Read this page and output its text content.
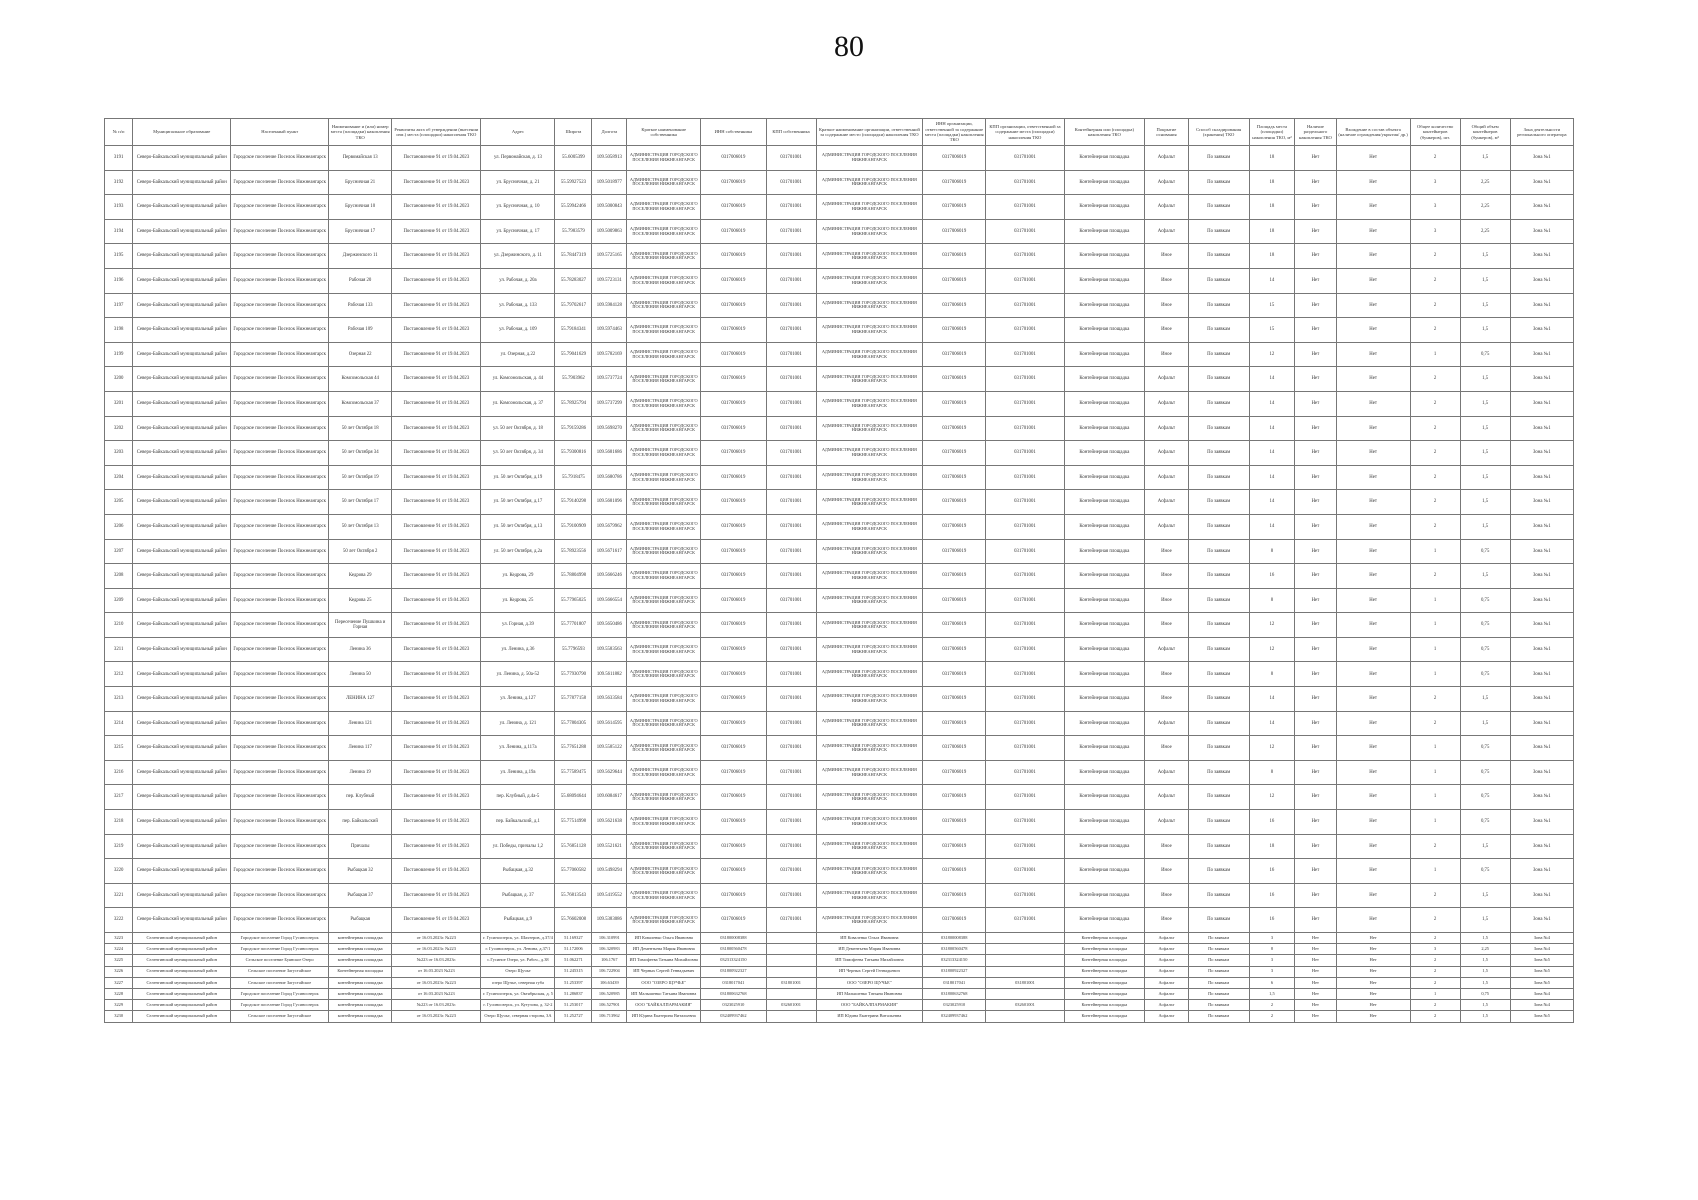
80
№ п/п	Муниципальное образование	Населенный пункт	Наименование и (или) номер места (площадки) накопления ТКО	Реквизиты акта об утверждении (внесении изм.) места (площадки) накопления ТКО	Адрес	Широта	Долгота	Краткое наименование собственника	ИНН собственника	КПП собственника	Краткое наименование организации, ответственной за содержание место (площадки) накопления ТКО	ИНН организации, ответственной за содержание места (площадки) накопления ТКО	КПП организации, ответственной за содержание места (площадки) накопления ТКО	Контейнерная или (площадка) накопления ТКО	Покрытие основания	Способ складирования (хранения) ТКО	Площадь места (площадки) накопления ТКО, м²	Наличие раздельного накопления ТКО	Вхождение в состав объекта (наличие ограждения/укрытия/ др.)	Общее количество контейнеров (бункеров), шт.	Общий объем контейнеров (бункеров), м³	Зона деятельности регионального оператора
3191	Северо-Байкальский муниципальный район	Городское поселение Поселок Нижнеангарск	Первомайская 13	Постановление 91 от 19.04.2023	ул. Первомайская, д. 13	55.6005399	109.5058913	АДМИНИСТРАЦИЯ ГОРОДСКОГО ПОСЕЛЕНИЯ НИЖНЕАНГАРСК	0317006019	031701001	АДМИНИСТРАЦИЯ ГОРОДСКОГО ПОСЕЛЕНИЯ НИЖНЕАНГАРСК	0317006019	031701001	Контейнерная площадка	Асфальт	По заявкам	18	Нет	Нет	2	1,5	Зона №1
3192	Северо-Байкальский муниципальный район	Городское поселение Поселок Нижнеангарск	Брусничная 21	Постановление 91 от 19.04.2023	ул. Брусничная, д. 21	55.59927523	109.5018977	АДМИНИСТРАЦИЯ ГОРОДСКОГО ПОСЕЛЕНИЯ НИЖНЕАНГАРСК	0317006019	031701001	АДМИНИСТРАЦИЯ ГОРОДСКОГО ПОСЕЛЕНИЯ НИЖНЕАНГАРСК	0317006019	031701001	Контейнерная площадка	Асфальт	По заявкам	18	Нет	Нет	3	2,25	Зона №1
3193	Северо-Байкальский муниципальный район	Городское поселение Поселок Нижнеангарск	Брусничная 10	Постановление 91 от 19.04.2023	ул. Брусничная, д. 10	55.59942466	109.5000843	АДМИНИСТРАЦИЯ ГОРОДСКОГО ПОСЕЛЕНИЯ НИЖНЕАНГАРСК	0317006019	031701001	АДМИНИСТРАЦИЯ ГОРОДСКОГО ПОСЕЛЕНИЯ НИЖНЕАНГАРСК	0317006019	031701001	Контейнерная площадка	Асфальт	По заявкам	18	Нет	Нет	3	2,25	Зона №1
3194	Северо-Байкальский муниципальный район	Городское поселение Поселок Нижнеангарск	Брусничная 17	Постановление 91 от 19.04.2023	ул. Брусничная, д. 17	55.7983579	109.5009863	АДМИНИСТРАЦИЯ ГОРОДСКОГО ПОСЕЛЕНИЯ НИЖНЕАНГАРСК	0317006019	031701001	АДМИНИСТРАЦИЯ ГОРОДСКОГО ПОСЕЛЕНИЯ НИЖНЕАНГАРСК	0317006019	031701001	Контейнерная площадка	Асфальт	По заявкам	18	Нет	Нет	3	2,25	Зона №1
3195	Северо-Байкальский муниципальный район	Городское поселение Поселок Нижнеангарск	Дзержинского 11	Постановление 91 от 19.04.2023	ул. Дзержинского, д. 11	55.78447319	109.5725165	АДМИНИСТРАЦИЯ ГОРОДСКОГО ПОСЕЛЕНИЯ НИЖНЕАНГАРСК	0317006019	031701001	АДМИНИСТРАЦИЯ ГОРОДСКОГО ПОСЕЛЕНИЯ НИЖНЕАНГАРСК	0317006019	031701001	Контейнерная площадка	Иное	По заявкам	18	Нет	Нет	2	1,5	Зона №1
3196	Северо-Байкальский муниципальный район	Городское поселение Поселок Нижнеангарск	Рабочая 20	Постановление 91 от 19.04.2023	ул. Рабочая, д. 20а	55.78283027	109.5723131	АДМИНИСТРАЦИЯ ГОРОДСКОГО ПОСЕЛЕНИЯ НИЖНЕАНГАРСК	0317006019	031701001	АДМИНИСТРАЦИЯ ГОРОДСКОГО ПОСЕЛЕНИЯ НИЖНЕАНГАРСК	0317006019	031701001	Контейнерная площадка	Иное	По заявкам	14	Нет	Нет	2	1,5	Зона №1
3197	Северо-Байкальский муниципальный район	Городское поселение Поселок Нижнеангарск	Рабочая 133	Постановление 91 от 19.04.2023	ул. Рабочая, д. 133	55.79702617	109.5984128	АДМИНИСТРАЦИЯ ГОРОДСКОГО ПОСЕЛЕНИЯ НИЖНЕАНГАРСК	0317006019	031701001	АДМИНИСТРАЦИЯ ГОРОДСКОГО ПОСЕЛЕНИЯ НИЖНЕАНГАРСК	0317006019	031701001	Контейнерная площадка	Иное	По заявкам	15	Нет	Нет	2	1,5	Зона №1
3198	Северо-Байкальский муниципальный район	Городское поселение Поселок Нижнеангарск	Рабочая 109	Постановление 91 от 19.04.2023	ул. Рабочая, д. 109	55.79184341	109.5974463	АДМИНИСТРАЦИЯ ГОРОДСКОГО ПОСЕЛЕНИЯ НИЖНЕАНГАРСК	0317006019	031701001	АДМИНИСТРАЦИЯ ГОРОДСКОГО ПОСЕЛЕНИЯ НИЖНЕАНГАРСК	0317006019	031701001	Контейнерная площадка	Иное	По заявкам	15	Нет	Нет	2	1,5	Зона №1
3199	Северо-Байкальский муниципальный район	Городское поселение Поселок Нижнеангарск	Озерная 22	Постановление 91 от 19.04.2023	ул. Озерная, д.22	55.79041629	109.5782169	АДМИНИСТРАЦИЯ ГОРОДСКОГО ПОСЕЛЕНИЯ НИЖНЕАНГАРСК	0317006019	031701001	АДМИНИСТРАЦИЯ ГОРОДСКОГО ПОСЕЛЕНИЯ НИЖНЕАНГАРСК	0317006019	031701001	Контейнерная площадка	Иное	По заявкам	12	Нет	Нет	1	0,75	Зона №1
3200	Северо-Байкальский муниципальный район	Городское поселение Поселок Нижнеангарск	Комсомольская 44	Постановление 91 от 19.04.2023	ул. Комсомольская, д. 44	55.7903962	109.5737724	АДМИНИСТРАЦИЯ ГОРОДСКОГО ПОСЕЛЕНИЯ НИЖНЕАНГАРСК	0317006019	031701001	АДМИНИСТРАЦИЯ ГОРОДСКОГО ПОСЕЛЕНИЯ НИЖНЕАНГАРСК	0317006019	031701001	Контейнерная площадка	Асфальт	По заявкам	14	Нет	Нет	2	1,5	Зона №1
3201	Северо-Байкальский муниципальный район	Городское поселение Поселок Нижнеангарск	Комсомольская 37	Постановление 91 от 19.04.2023	ул. Комсомольская, д. 37	55.78925794	109.5737299	АДМИНИСТРАЦИЯ ГОРОДСКОГО ПОСЕЛЕНИЯ НИЖНЕАНГАРСК	0317006019	031701001	АДМИНИСТРАЦИЯ ГОРОДСКОГО ПОСЕЛЕНИЯ НИЖНЕАНГАРСК	0317006019	031701001	Контейнерная площадка	Асфальт	По заявкам	14	Нет	Нет	2	1,5	Зона №1
3202	Северо-Байкальский муниципальный район	Городское поселение Поселок Нижнеангарск	50 лет Октября 18	Постановление 91 от 19.04.2023	ул. 50 лет Октября, д. 18	55.79159286	109.5698270	АДМИНИСТРАЦИЯ ГОРОДСКОГО ПОСЕЛЕНИЯ НИЖНЕАНГАРСК	0317006019	031701001	АДМИНИСТРАЦИЯ ГОРОДСКОГО ПОСЕЛЕНИЯ НИЖНЕАНГАРСК	0317006019	031701001	Контейнерная площадка	Асфальт	По заявкам	14	Нет	Нет	2	1,5	Зона №1
3203	Северо-Байкальский муниципальный район	Городское поселение Поселок Нижнеангарск	50 лет Октября 34	Постановление 91 от 19.04.2023	ул. 50 лет Октября, д. 34	55.79300816	109.5681686	АДМИНИСТРАЦИЯ ГОРОДСКОГО ПОСЕЛЕНИЯ НИЖНЕАНГАРСК	0317006019	031701001	АДМИНИСТРАЦИЯ ГОРОДСКОГО ПОСЕЛЕНИЯ НИЖНЕАНГАРСК	0317006019	031701001	Контейнерная площадка	Асфальт	По заявкам	14	Нет	Нет	2	1,5	Зона №1
3204	Северо-Байкальский муниципальный район	Городское поселение Поселок Нижнеангарск	50 лет Октября 19	Постановление 91 от 19.04.2023	ул. 50 лет Октября, д.19	55.7918475	109.5680786	АДМИНИСТРАЦИЯ ГОРОДСКОГО ПОСЕЛЕНИЯ НИЖНЕАНГАРСК	0317006019	031701001	АДМИНИСТРАЦИЯ ГОРОДСКОГО ПОСЕЛЕНИЯ НИЖНЕАНГАРСК	0317006019	031701001	Контейнерная площадка	Асфальт	По заявкам	14	Нет	Нет	2	1,5	Зона №1
3205	Северо-Байкальский муниципальный район	Городское поселение Поселок Нижнеангарск	50 лет Октября 17	Постановление 91 от 19.04.2023	ул. 50 лет Октября, д.17	55.79140298	109.5681096	АДМИНИСТРАЦИЯ ГОРОДСКОГО ПОСЕЛЕНИЯ НИЖНЕАНГАРСК	0317006019	031701001	АДМИНИСТРАЦИЯ ГОРОДСКОГО ПОСЕЛЕНИЯ НИЖНЕАНГАРСК	0317006019	031701001	Контейнерная площадка	Асфальт	По заявкам	14	Нет	Нет	2	1,5	Зона №1
3206	Северо-Байкальский муниципальный район	Городское поселение Поселок Нижнеангарск	50 лет Октября 13	Постановление 91 от 19.04.2023	ул. 50 лет Октября, д.13	55.79100909	109.5679962	АДМИНИСТРАЦИЯ ГОРОДСКОГО ПОСЕЛЕНИЯ НИЖНЕАНГАРСК	0317006019	031701001	АДМИНИСТРАЦИЯ ГОРОДСКОГО ПОСЕЛЕНИЯ НИЖНЕАНГАРСК	0317006019	031701001	Контейнерная площадка	Асфальт	По заявкам	14	Нет	Нет	2	1,5	Зона №1
3207	Северо-Байкальский муниципальный район	Городское поселение Поселок Нижнеангарск	50 лет Октября 2	Постановление 91 от 19.04.2023	ул. 50 лет Октября, д.2а	55.78923556	109.5671617	АДМИНИСТРАЦИЯ ГОРОДСКОГО ПОСЕЛЕНИЯ НИЖНЕАНГАРСК	0317006019	031701001	АДМИНИСТРАЦИЯ ГОРОДСКОГО ПОСЕЛЕНИЯ НИЖНЕАНГАРСК	0317006019	031701001	Контейнерная площадка	Иное	По заявкам	8	Нет	Нет	1	0,75	Зона №1
3208	Северо-Байкальский муниципальный район	Городское поселение Поселок Нижнеангарск	Кедрова 29	Постановление 91 от 19.04.2023	ул. Кедрова, 29	55.78804998	109.5666246	АДМИНИСТРАЦИЯ ГОРОДСКОГО ПОСЕЛЕНИЯ НИЖНЕАНГАРСК	0317006019	031701001	АДМИНИСТРАЦИЯ ГОРОДСКОГО ПОСЕЛЕНИЯ НИЖНЕАНГАРСК	0317006019	031701001	Контейнерная площадка	Иное	По заявкам	16	Нет	Нет	2	1,5	Зона №1
3209	Северо-Байкальский муниципальный район	Городское поселение Поселок Нижнеангарск	Кедрова 25	Постановление 91 от 19.04.2023	ул. Кедрова, 25	55.77965025	109.5666554	АДМИНИСТРАЦИЯ ГОРОДСКОГО ПОСЕЛЕНИЯ НИЖНЕАНГАРСК	0317006019	031701001	АДМИНИСТРАЦИЯ ГОРОДСКОГО ПОСЕЛЕНИЯ НИЖНЕАНГАРСК	0317006019	031701001	Контейнерная площадка	Иное	По заявкам	8	Нет	Нет	1	0,75	Зона №1
3210	Северо-Байкальский муниципальный район	Городское поселение Поселок Нижнеангарск	Пересечение Пушкина и Горная	Постановление 91 от 19.04.2023	ул. Горная, д.39	55.77701807	109.5650486	АДМИНИСТРАЦИЯ ГОРОДСКОГО ПОСЕЛЕНИЯ НИЖНЕАНГАРСК	0317006019	031701001	АДМИНИСТРАЦИЯ ГОРОДСКОГО ПОСЕЛЕНИЯ НИЖНЕАНГАРСК	0317006019	031701001	Контейнерная площадка	Иное	По заявкам	12	Нет	Нет	1	0,75	Зона №1
3211	Северо-Байкальский муниципальный район	Городское поселение Поселок Нижнеангарск	Ленина 36	Постановление 91 от 19.04.2023	ул. Ленина, д.36	55.7796593	109.5583563	АДМИНИСТРАЦИЯ ГОРОДСКОГО ПОСЕЛЕНИЯ НИЖНЕАНГАРСК	0317006019	031701001	АДМИНИСТРАЦИЯ ГОРОДСКОГО ПОСЕЛЕНИЯ НИЖНЕАНГАРСК	0317006019	031701001	Контейнерная площадка	Асфальт	По заявкам	12	Нет	Нет	1	0,75	Зона №1
3212	Северо-Байкальский муниципальный район	Городское поселение Поселок Нижнеангарск	Ленина 50	Постановление 91 от 19.04.2023	ул. Ленина, д. 50а-52	55.77930790	109.5611882	АДМИНИСТРАЦИЯ ГОРОДСКОГО ПОСЕЛЕНИЯ НИЖНЕАНГАРСК	0317006019	031701001	АДМИНИСТРАЦИЯ ГОРОДСКОГО ПОСЕЛЕНИЯ НИЖНЕАНГАРСК	0317006019	031701001	Контейнерная площадка	Иное	По заявкам	8	Нет	Нет	1	0,75	Зона №1
3213	Северо-Байкальский муниципальный район	Городское поселение Поселок Нижнеангарск	ЛЕНИНА 127	Постановление 91 от 19.04.2023	ул. Ленина, д.127	55.77877158	109.5633584	АДМИНИСТРАЦИЯ ГОРОДСКОГО ПОСЕЛЕНИЯ НИЖНЕАНГАРСК	0317006019	031701001	АДМИНИСТРАЦИЯ ГОРОДСКОГО ПОСЕЛЕНИЯ НИЖНЕАНГАРСК	0317006019	031701001	Контейнерная площадка	Иное	По заявкам	14	Нет	Нет	2	1,5	Зона №1
3214	Северо-Байкальский муниципальный район	Городское поселение Поселок Нижнеангарск	Ленина 121	Постановление 91 от 19.04.2023	ул. Ленина, д. 121	55.77804305	109.5614595	АДМИНИСТРАЦИЯ ГОРОДСКОГО ПОСЕЛЕНИЯ НИЖНЕАНГАРСК	0317006019	031701001	АДМИНИСТРАЦИЯ ГОРОДСКОГО ПОСЕЛЕНИЯ НИЖНЕАНГАРСК	0317006019	031701001	Контейнерная площадка	Асфальт	По заявкам	14	Нет	Нет	2	1,5	Зона №1
3215	Северо-Байкальский муниципальный район	Городское поселение Поселок Нижнеангарск	Ленина 117	Постановление 91 от 19.04.2023	ул. Ленина, д.117а	55.77651288	109.5585122	АДМИНИСТРАЦИЯ ГОРОДСКОГО ПОСЕЛЕНИЯ НИЖНЕАНГАРСК	0317006019	031701001	АДМИНИСТРАЦИЯ ГОРОДСКОГО ПОСЕЛЕНИЯ НИЖНЕАНГАРСК	0317006019	031701001	Контейнерная площадка	Иное	По заявкам	12	Нет	Нет	1	0,75	Зона №1
3216	Северо-Байкальский муниципальный район	Городское поселение Поселок Нижнеангарск	Ленина 19	Постановление 91 от 19.04.2023	ул. Ленина, д.19а	55.77589475	109.5629644	АДМИНИСТРАЦИЯ ГОРОДСКОГО ПОСЕЛЕНИЯ НИЖНЕАНГАРСК	0317006019	031701001	АДМИНИСТРАЦИЯ ГОРОДСКОГО ПОСЕЛЕНИЯ НИЖНЕАНГАРСК	0317006019	031701001	Контейнерная площадка	Асфальт	По заявкам	8	Нет	Нет	1	0,75	Зона №1
3217	Северо-Байкальский муниципальный район	Городское поселение Поселок Нижнеангарск	пер. Клубный	Постановление 91 от 19.04.2023	пер. Клубный, д.4а-5	55.68094644	109.6084617	АДМИНИСТРАЦИЯ ГОРОДСКОГО ПОСЕЛЕНИЯ НИЖНЕАНГАРСК	0317006019	031701001	АДМИНИСТРАЦИЯ ГОРОДСКОГО ПОСЕЛЕНИЯ НИЖНЕАНГАРСК	0317006019	031701001	Контейнерная площадка	Асфальт	По заявкам	12	Нет	Нет	1	0,75	Зона №1
3218	Северо-Байкальский муниципальный район	Городское поселение Поселок Нижнеангарск	пер. Байкальский	Постановление 91 от 19.04.2023	пер. Байкальский, д.1	55.77514998	109.5621638	АДМИНИСТРАЦИЯ ГОРОДСКОГО ПОСЕЛЕНИЯ НИЖНЕАНГАРСК	0317006019	031701001	АДМИНИСТРАЦИЯ ГОРОДСКОГО ПОСЕЛЕНИЯ НИЖНЕАНГАРСК	0317006019	031701001	Контейнерная площадка	Асфальт	По заявкам	16	Нет	Нет	1	0,75	Зона №1
3219	Северо-Байкальский муниципальный район	Городское поселение Поселок Нижнеангарск	Причалы	Постановление 91 от 19.04.2023	ул. Победы, причалы 1,2	55.76851128	109.5521621	АДМИНИСТРАЦИЯ ГОРОДСКОГО ПОСЕЛЕНИЯ НИЖНЕАНГАРСК	0317006019	031701001	АДМИНИСТРАЦИЯ ГОРОДСКОГО ПОСЕЛЕНИЯ НИЖНЕАНГАРСК	0317006019	031701001	Контейнерная площадка	Иное	По заявкам	18	Нет	Нет	2	1,5	Зона №1
3220	Северо-Байкальский муниципальный район	Городское поселение Поселок Нижнеангарск	Рыбацкая 32	Постановление 91 от 19.04.2023	Рыбацкая, д.32	55.77060582	109.5498294	АДМИНИСТРАЦИЯ ГОРОДСКОГО ПОСЕЛЕНИЯ НИЖНЕАНГАРСК	0317006019	031701001	АДМИНИСТРАЦИЯ ГОРОДСКОГО ПОСЕЛЕНИЯ НИЖНЕАНГАРСК	0317006019	031701001	Контейнерная площадка	Иное	По заявкам	16	Нет	Нет	1	0,75	Зона №1
3221	Северо-Байкальский муниципальный район	Городское поселение Поселок Нижнеангарск	Рыбацкая 37	Постановление 91 от 19.04.2023	Рыбацкая, д. 37	55.76813543	109.5419552	АДМИНИСТРАЦИЯ ГОРОДСКОГО ПОСЕЛЕНИЯ НИЖНЕАНГАРСК	0317006019	031701001	АДМИНИСТРАЦИЯ ГОРОДСКОГО ПОСЕЛЕНИЯ НИЖНЕАНГАРСК	0317006019	031701001	Контейнерная площадка	Иное	По заявкам	16	Нет	Нет	2	1,5	Зона №1
3222	Северо-Байкальский муниципальный район	Городское поселение Поселок Нижнеангарск	Рыбацкая	Постановление 91 от 19.04.2023	Рыбацкая, д.9	55.76602008	109.5383086	АДМИНИСТРАЦИЯ ГОРОДСКОГО ПОСЕЛЕНИЯ НИЖНЕАНГАРСК	0317006019	031701001	АДМИНИСТРАЦИЯ ГОРОДСКОГО ПОСЕЛЕНИЯ НИЖНЕАНГАРСК	0317006019	031701001	Контейнерная площадка	Иное	По заявкам	16	Нет	Нет	2	1,5	Зона №1
3223	Селенгинский муниципальный район	Городское поселение Город Гусиноозерск	контейнерная площадка	от 16.03.2023г. №223	г. Гусиноозерск, ул. Шахтеров, д.37/4	51.169327	106.310991	ИП Коваленко Ольга Ивановна	031800008388		ИП Коваленко Ольга Ивановна	031800008388		Контейнерная площадка	Асфальт	По заявкам	3	Нет	Нет	2	1,5	Зона №4
3224	Селенгинский муниципальный район	Городское поселение Город Гусиноозерск	контейнерная площадка	от 16.03.2023г. №223	г. Гусиноозерск, ул. Ленина, д.37/1	51.172006	106.320983	ИП Дементьева Мария Ивановна	031800560478		ИП Дементьева Мария Ивановна	031800560478		Контейнерная площадка	Асфальт	По заявкам	8	Нет	Нет	3	2,25	Зона №4
3225	Селенгинский муниципальный район	Сельское поселение Буянское Озеро	контейнерная площадка	№223 от 16.03.2023г.	с.Гусиное Озеро, ул. Рабоч., д.38	51.062271	106.1767	ИП Тимофеева Татьяна Михайловна	032313324150		ИП Тимофеева Татьяна Михайловна	032313324150		Контейнерная площадка	Асфальт	По заявкам	3	Нет	Нет	2	1,5	Зона №5
3226	Селенгинский муниципальный район	Сельское поселение Загустайское	Контейнерная площадка	от 16.03.2023 №223	Озеро Щучье	51.245315	106.722904	ИП Черных Сергей Геннадьевич	031800922327		ИП Черных Сергей Геннадьевич	031800922327		Контейнерная площадка	Асфальт	По заявкам	3	Нет	Нет	2	1,5	Зона №5
3227	Селенгинский муниципальный район	Сельское поселение Загустайское	контейнерная площадка	от 16.03.2023г. №223	озеро Щучье, северная губа	51.253397	106.63439	ООО "ОЗЕРО ЩУЧЬЕ"	0318017041	031801001	ООО "ОЗЕРО ЩУЧЬЕ"	0318017041	031801001	Контейнерная площадка	Асфальт	По заявкам	6	Нет	Нет	2	1,5	Зона №5
3228	Селенгинский муниципальный район	Городское поселение Город Гусиноозерск	контейнерная площадка	от 16.03.2023 №223	г. Гусиноозерск, ул. Октябрьская, д. 5	51.286837	106.520985	ИП Малышенко Татьяна Ивановна	031800632768		ИП Малышенко Татьяна Ивановна	031800632768		Контейнерная площадка	Асфальт	По заявкам	1,5	Нет	Нет	1	0,75	Зона №4
3229	Селенгинский муниципальный район	Городское поселение Город Гусиноозерск	контейнерная площадка	№223 от 16.03.2023г.	г. Гусиноозерск, ул. Кутузова, д. 32-2	51.253017	106.527901	ООО "БАЙКАЛПАРМАКИЯ"	0323025910	032601001	ООО "БАЙКАЛПАРМАКИЯ"	0323025910	032601001	Контейнерная площадка	Асфальт	По заявкам	2	Нет	Нет	2	1,5	Зона №4
3230	Селенгинский муниципальный район	Сельское поселение Загустайское	контейнерная площадка	от 16.03.2023г. №223	Озеро Щучье, северная сторона, 3А	51.252727	106.713962	ИП Юдина Екатерина Витальевна	032409937462		ИП Юдина Екатерина Витальевна	032409937462		Контейнерная площадка	Асфальт	По заявкам	2	Нет	Нет	2	1,5	Зона №5
